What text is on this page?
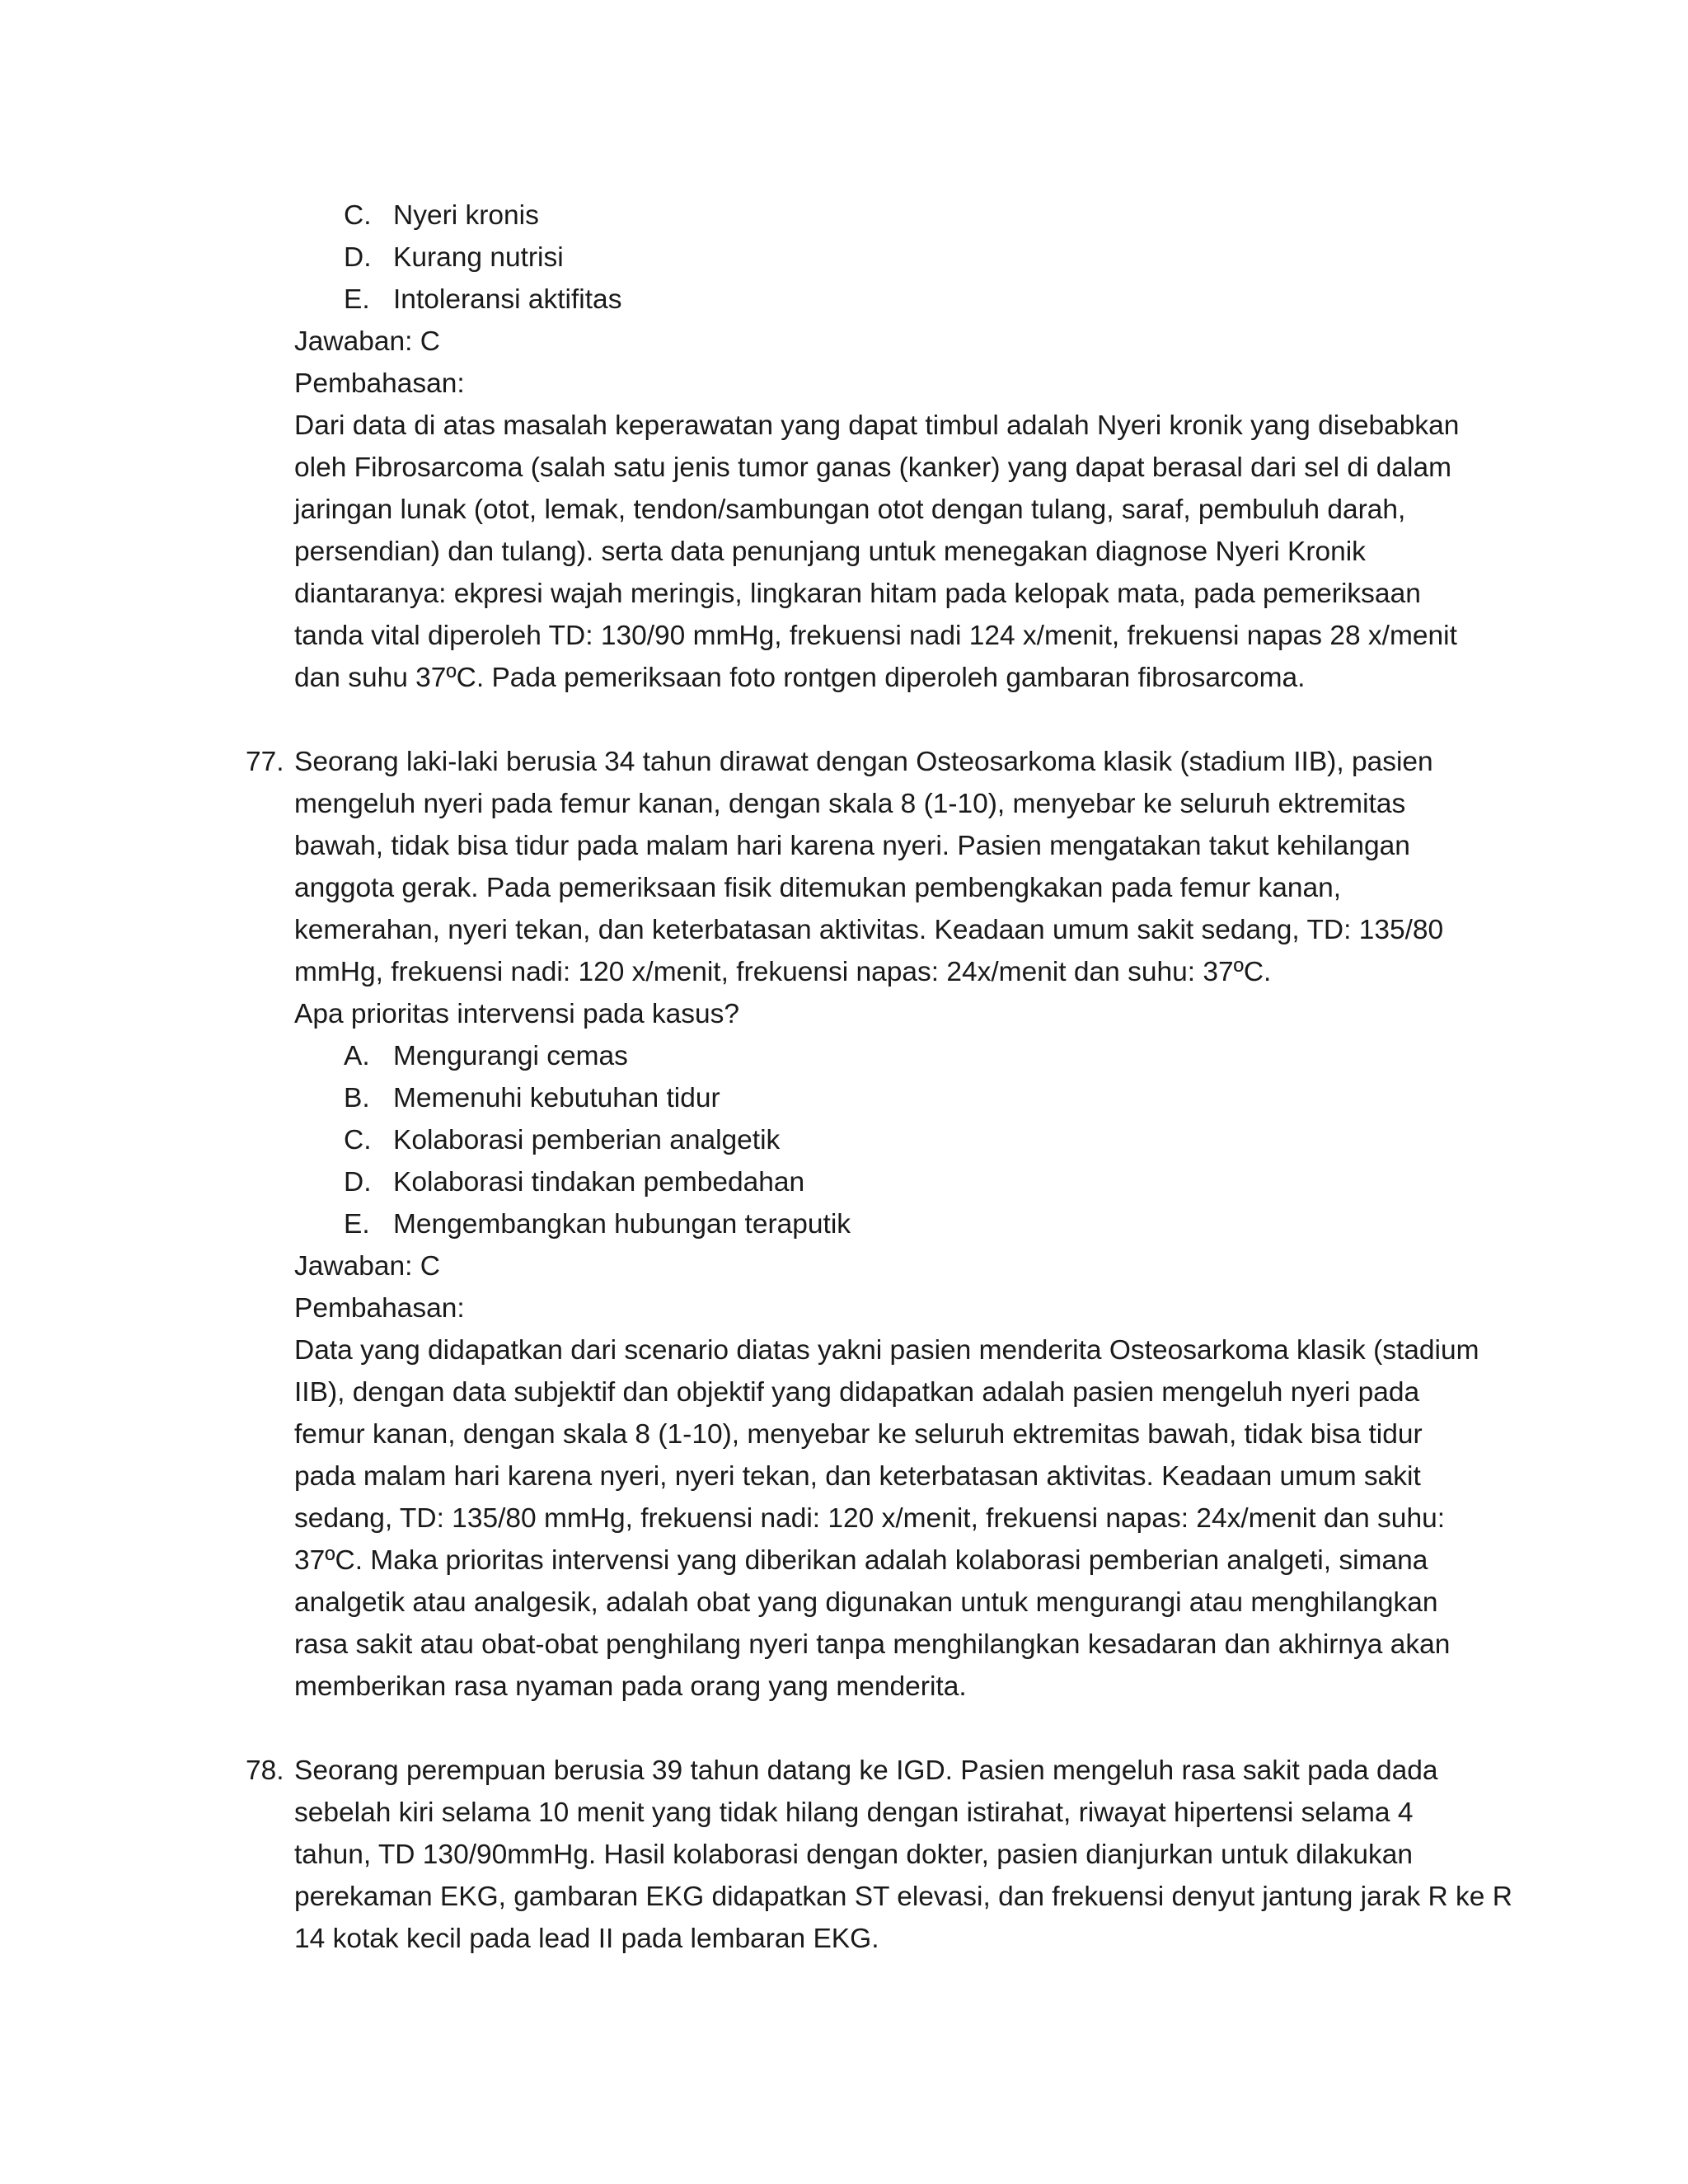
C. Nyeri kronis
D. Kurang nutrisi
E. Intoleransi aktifitas
Jawaban: C
Pembahasan:
Dari data di atas masalah keperawatan yang dapat timbul adalah Nyeri kronik yang disebabkan
oleh Fibrosarcoma (salah satu jenis tumor ganas (kanker) yang dapat berasal dari sel di dalam
jaringan lunak (otot, lemak, tendon/sambungan otot dengan tulang, saraf, pembuluh darah,
persendian) dan tulang). serta data penunjang untuk menegakan diagnose Nyeri Kronik
diantaranya: ekpresi wajah meringis, lingkaran hitam pada kelopak mata, pada pemeriksaan
tanda vital diperoleh TD: 130/90 mmHg, frekuensi nadi 124 x/menit, frekuensi napas 28 x/menit
dan suhu 37ºC. Pada pemeriksaan foto rontgen diperoleh gambaran fibrosarcoma.
77. Seorang laki-laki berusia 34 tahun dirawat dengan Osteosarkoma klasik (stadium IIB), pasien
mengeluh nyeri pada femur kanan, dengan skala 8 (1-10), menyebar ke seluruh ektremitas
bawah, tidak bisa tidur pada malam hari karena nyeri. Pasien mengatakan takut kehilangan
anggota gerak. Pada pemeriksaan fisik ditemukan pembengkakan pada femur kanan,
kemerahan, nyeri tekan, dan keterbatasan aktivitas. Keadaan umum sakit sedang, TD: 135/80
mmHg, frekuensi nadi: 120 x/menit, frekuensi napas: 24x/menit dan suhu: 37ºC.
Apa prioritas intervensi pada kasus?
A. Mengurangi cemas
B. Memenuhi kebutuhan tidur
C. Kolaborasi pemberian analgetik
D. Kolaborasi tindakan pembedahan
E. Mengembangkan hubungan teraputik
Jawaban: C
Pembahasan:
Data yang didapatkan dari scenario diatas yakni pasien menderita Osteosarkoma klasik (stadium
IIB), dengan data subjektif dan objektif yang didapatkan adalah pasien mengeluh nyeri pada
femur kanan, dengan skala 8 (1-10), menyebar ke seluruh ektremitas bawah, tidak bisa tidur
pada malam hari karena nyeri, nyeri tekan, dan keterbatasan aktivitas. Keadaan umum sakit
sedang, TD: 135/80 mmHg, frekuensi nadi: 120 x/menit, frekuensi napas: 24x/menit dan suhu:
37ºC. Maka prioritas intervensi yang diberikan adalah kolaborasi pemberian analgeti, simana
analgetik atau analgesik, adalah obat yang digunakan untuk mengurangi atau menghilangkan
rasa sakit atau obat-obat penghilang nyeri tanpa menghilangkan kesadaran dan akhirnya akan
memberikan rasa nyaman pada orang yang menderita.
78. Seorang perempuan berusia 39 tahun datang ke IGD. Pasien mengeluh rasa sakit pada dada
sebelah kiri selama 10 menit yang tidak hilang dengan istirahat, riwayat hipertensi selama 4
tahun, TD 130/90mmHg. Hasil kolaborasi dengan dokter, pasien dianjurkan untuk dilakukan
perekaman EKG, gambaran EKG didapatkan ST elevasi, dan frekuensi denyut jantung jarak R ke R
14 kotak kecil pada lead II pada lembaran EKG.
